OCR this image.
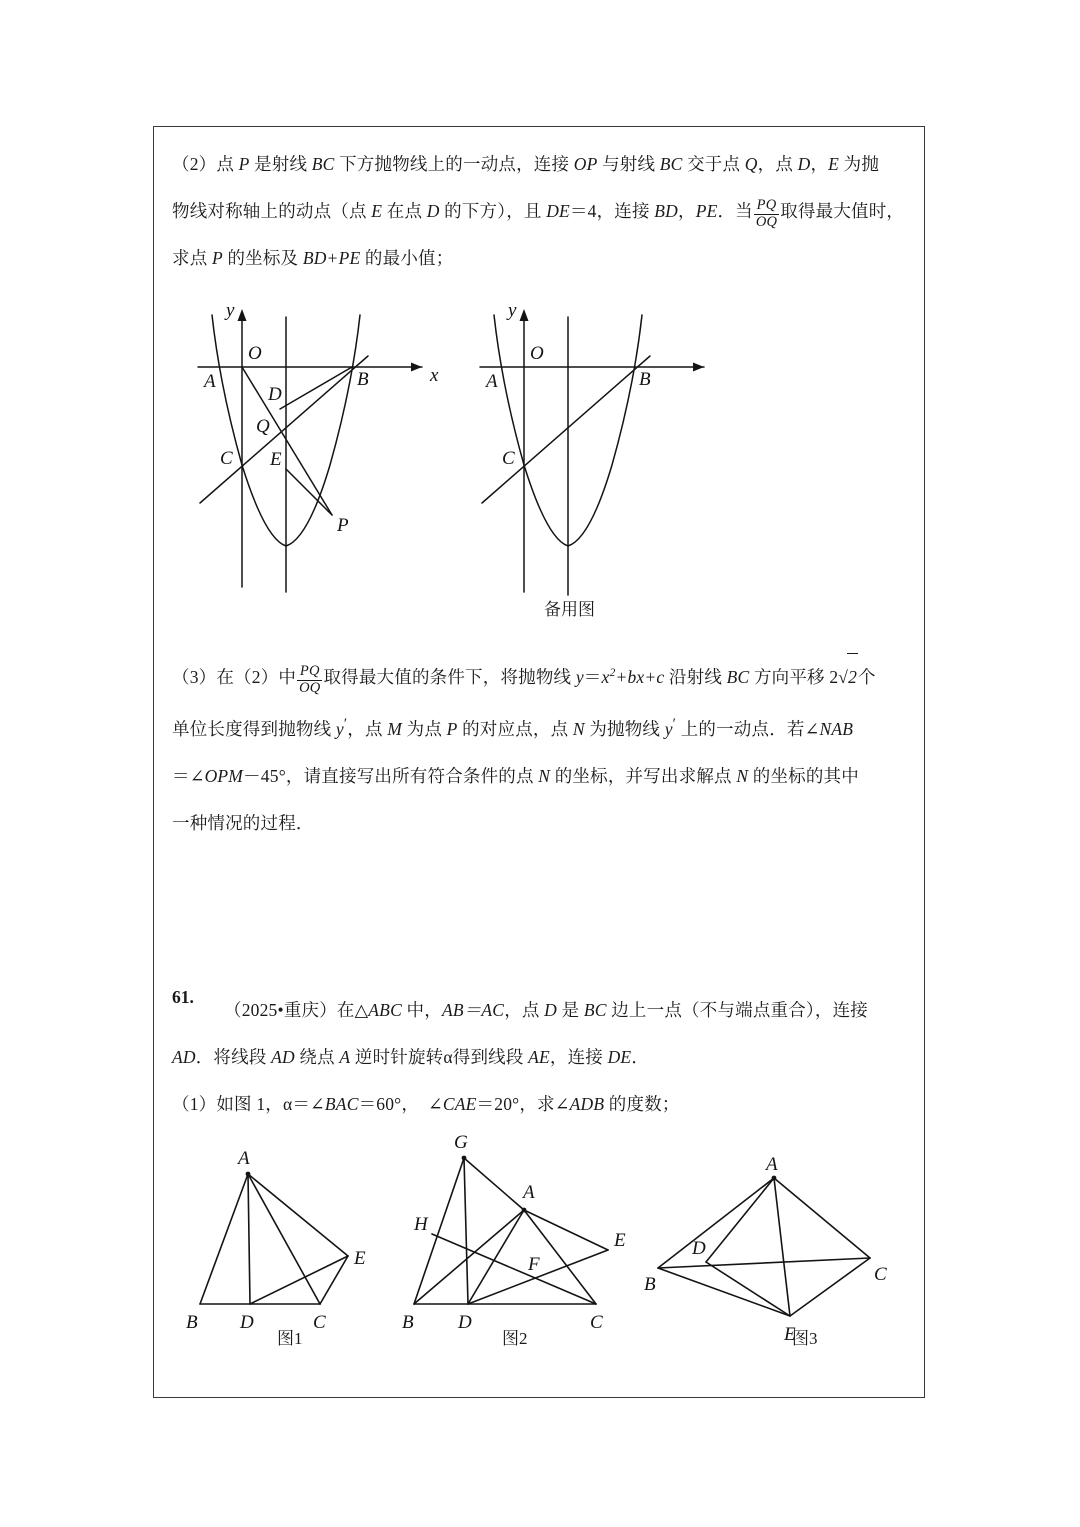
（2）点 P 是射线 BC 下方抛物线上的一动点，连接 OP 与射线 BC 交于点 Q，点 D，E 为抛
物线对称轴上的动点（点 E 在点 D 的下方），且 DE＝4，连接 BD，PE．当 $\frac{PQ}{OQ}$ 取得最大值时，
求点 P 的坐标及 BD+PE 的最小值；
y
x
O
A	B
C
D
E
Q
P
y
O
A	B
C
备用图
（3）在（2）中 $\frac{PQ}{OQ}$ 取得最大值的条件下，将抛物线 $y=x^2+bx+c$ 沿射线 BC 方向平移 2√2个
单位长度得到抛物线 y′，点 M 为点 P 的对应点，点 N 为抛物线 y′ 上的一动点．若∠NAB
＝∠OPM－45°，请直接写出所有符合条件的点 N 的坐标，并写出求解点 N 的坐标的其中
一种情况的过程．
61.
（2025•重庆）在△ABC 中，AB＝AC，点 D 是 BC 边上一点（不与端点重合），连接
AD．将线段 AD 绕点 A 逆时针旋转α得到线段 AE，连接 DE．
（1）如图 1，α＝∠BAC＝60°，　∠CAE＝20°，求∠ADB 的度数；
A
B D	C
E
图1
G
A
H
E
F
B D	C
图2
A
B
D
E
C
图3
